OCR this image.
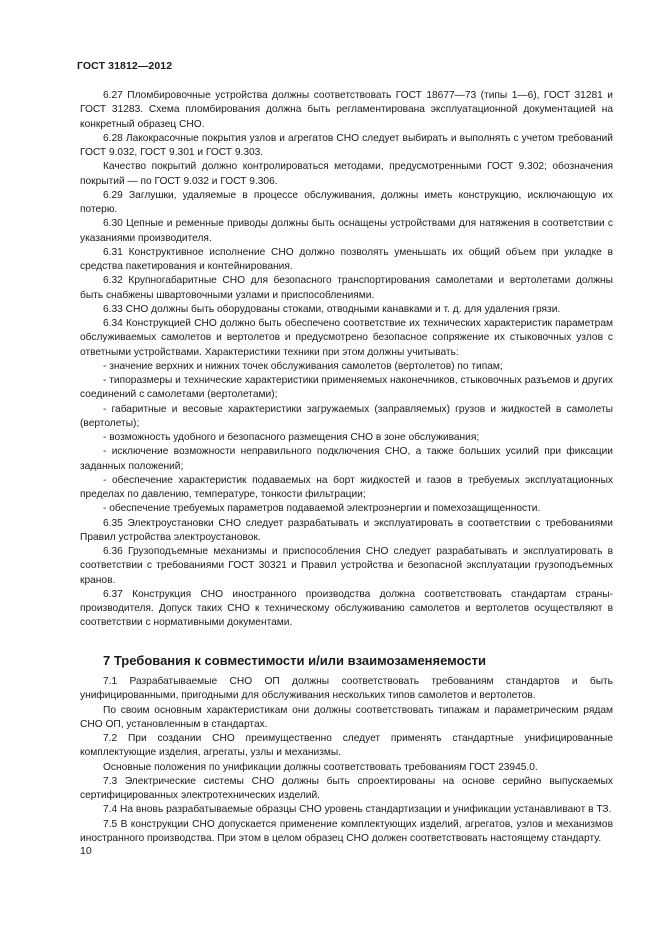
ГОСТ 31812—2012

6.27 Пломбировочные устройства должны соответствовать ГОСТ 18677—73 (типы 1—6), ГОСТ 31281 и ГОСТ 31283. Схема пломбирования должна быть регламентирована эксплуатационной документацией на конкретный образец СНО.

6.28 Лакокрасочные покрытия узлов и агрегатов СНО следует выбирать и выполнять с учетом требований ГОСТ 9.032, ГОСТ 9.301 и ГОСТ 9.303.

Качество покрытий должно контролироваться методами, предусмотренными ГОСТ 9.302; обозначения покрытий — по ГОСТ 9.032 и ГОСТ 9.306.

6.29 Заглушки, удаляемые в процессе обслуживания, должны иметь конструкцию, исключающую их потерю.

6.30 Цепные и ременные приводы должны быть оснащены устройствами для натяжения в соответствии с указаниями производителя.

6.31 Конструктивное исполнение СНО должно позволять уменьшать их общий объем при укладке в средства пакетирования и контейнирования.

6.32 Крупногабаритные СНО для безопасного транспортирования самолетами и вертолетами должны быть снабжены швартовочными узлами и приспособлениями.

6.33 СНО должны быть оборудованы стоками, отводными канавками и т. д. для удаления грязи.

6.34 Конструкцией СНО должно быть обеспечено соответствие их технических характеристик параметрам обслуживаемых самолетов и вертолетов и предусмотрено безопасное сопряжение их стыковочных узлов с ответными устройствами. Характеристики техники при этом должны учитывать:

- значение верхних и нижних точек обслуживания самолетов (вертолетов) по типам;

- типоразмеры и технические характеристики применяемых наконечников, стыковочных разъемов и других соединений с самолетами (вертолетами);

- габаритные и весовые характеристики загружаемых (заправляемых) грузов и жидкостей в самолеты (вертолеты);

- возможность удобного и безопасного размещения СНО в зоне обслуживания;

- исключение возможности неправильного подключения СНО, а также больших усилий при фиксации заданных положений;

- обеспечение характеристик подаваемых на борт жидкостей и газов в требуемых эксплуатационных пределах по давлению, температуре, тонкости фильтрации;

- обеспечение требуемых параметров подаваемой электроэнергии и помехозащищенности.

6.35 Электроустановки СНО следует разрабатывать и эксплуатировать в соответствии с требованиями Правил устройства электроустановок.

6.36 Грузоподъемные механизмы и приспособления СНО следует разрабатывать и эксплуатировать в соответствии с требованиями ГОСТ 30321 и Правил устройства и безопасной эксплуатации грузоподъемных кранов.

6.37 Конструкция СНО иностранного производства должна соответствовать стандартам страны-производителя. Допуск таких СНО к техническому обслуживанию самолетов и вертолетов осуществляют в соответствии с нормативными документами.

7 Требования к совместимости и/или взаимозаменяемости

7.1 Разрабатываемые СНО ОП должны соответствовать требованиям стандартов и быть унифицированными, пригодными для обслуживания нескольких типов самолетов и вертолетов.

По своим основным характеристикам они должны соответствовать типажам и параметрическим рядам СНО ОП, установленным в стандартах.

7.2 При создании СНО преимущественно следует применять стандартные унифицированные комплектующие изделия, агрегаты, узлы и механизмы.

Основные положения по унификации должны соответствовать требованиям ГОСТ 23945.0.

7.3 Электрические системы СНО должны быть спроектированы на основе серийно выпускаемых сертифицированных электротехнических изделий.

7.4 На вновь разрабатываемые образцы СНО уровень стандартизации и унификации устанавливают в ТЗ.

7.5 В конструкции СНО допускается применение комплектующих изделий, агрегатов, узлов и механизмов иностранного производства. При этом в целом образец СНО должен соответствовать настоящему стандарту.

10
